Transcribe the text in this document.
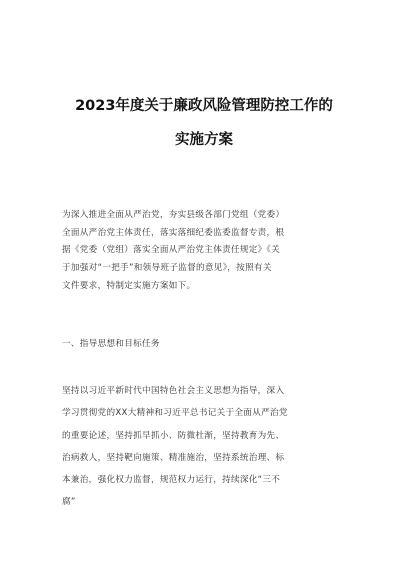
2023年度关于廉政风险管理防控工作的
实施方案
为深入推进全面从严治党，夯实县级各部门党组（党委）
全面从严治党主体责任，落实落细纪委监委监督专责，根
据《党委（党组）落实全面从严治党主体责任规定》《关
于加强对“一把手”和领导班子监督的意见》，按照有关
文件要求，特制定实施方案如下。
一、指导思想和目标任务
坚持以习近平新时代中国特色社会主义思想为指导，深入
学习贯彻党的XX大精神和习近平总书记关于全面从严治党
的重要论述，坚持抓早抓小、防微杜渐，坚持教育为先、
治病救人，坚持靶向施策、精准施治，坚持系统治理、标
本兼治，强化权力监督，规范权力运行，持续深化“三不
腐”
